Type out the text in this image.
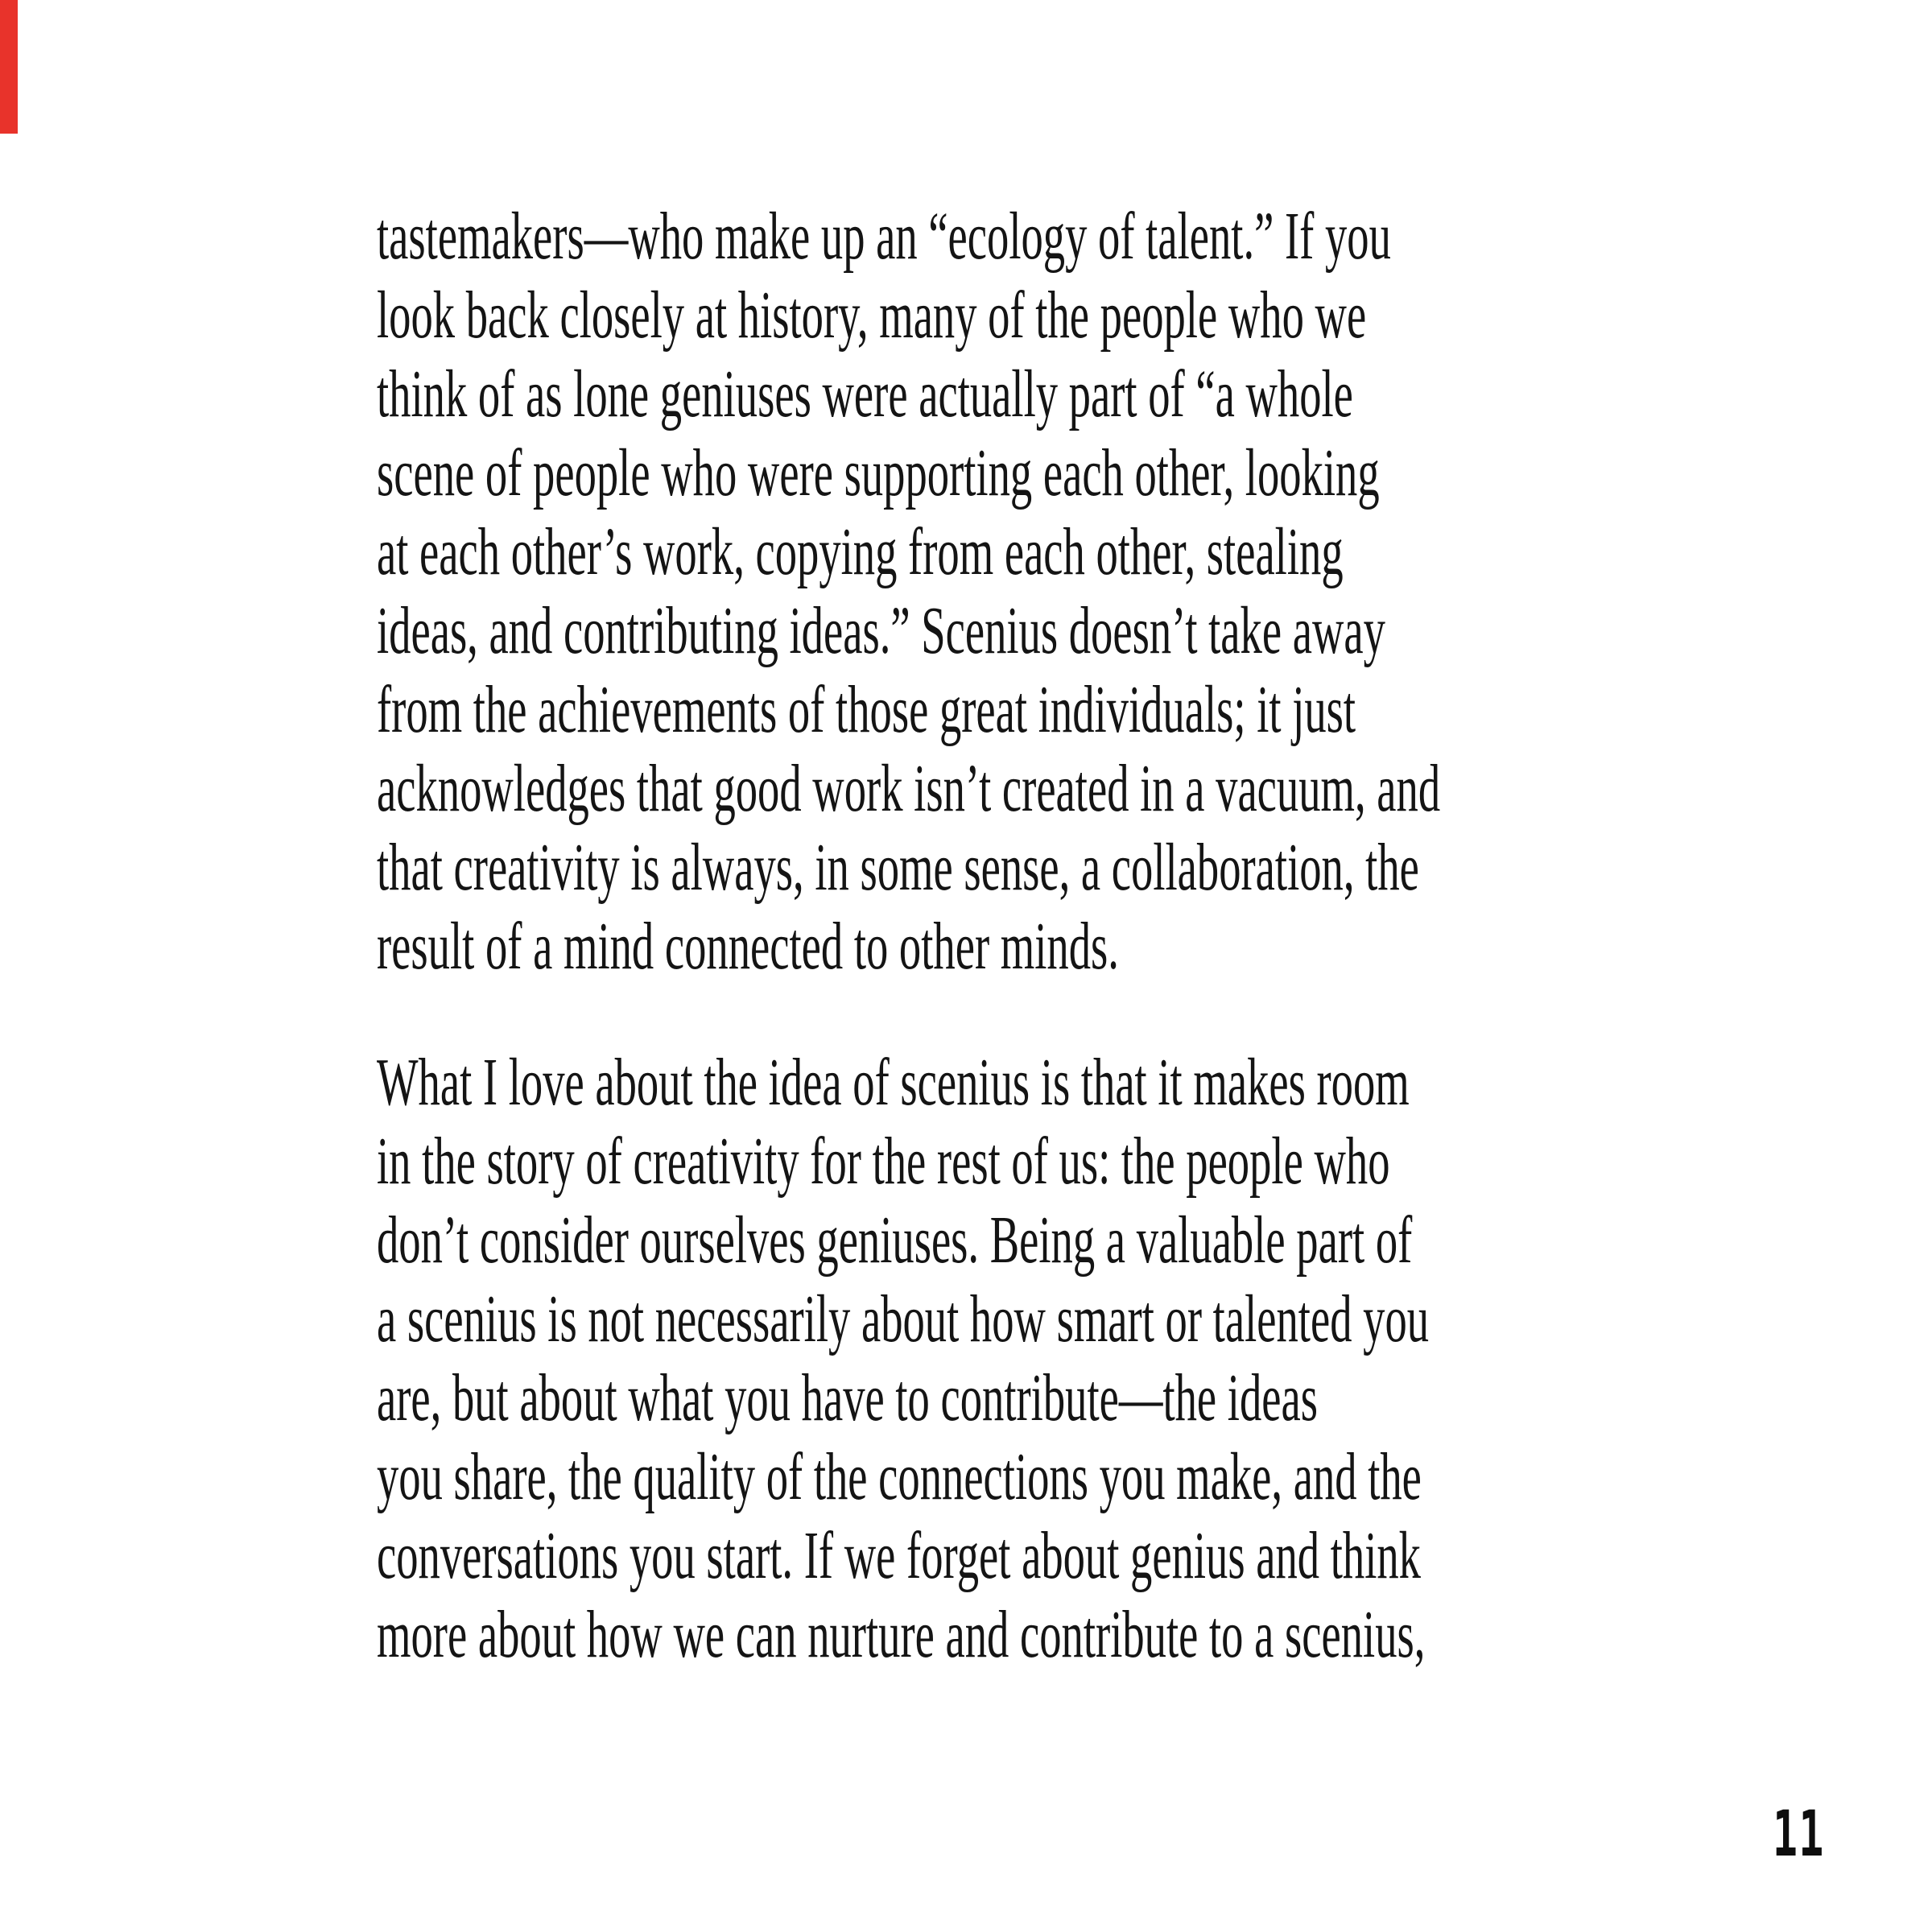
tastemakers—who make up an “ecology of talent.” If you
look back closely at history, many of the people who we
think of as lone geniuses were actually part of “a whole
scene of people who were supporting each other, looking
at each other’s work, copying from each other, stealing
ideas, and contributing ideas.” Scenius doesn’t take away
from the achievements of those great individuals; it just
acknowledges that good work isn’t created in a vacuum, and
that creativity is always, in some sense, a collaboration, the
result of a mind connected to other minds.
What I love about the idea of scenius is that it makes room
in the story of creativity for the rest of us: the people who
don’t consider ourselves geniuses. Being a valuable part of
a scenius is not necessarily about how smart or talented you
are, but about what you have to contribute—the ideas
you share, the quality of the connections you make, and the
conversations you start. If we forget about genius and think
more about how we can nurture and contribute to a scenius,
11
